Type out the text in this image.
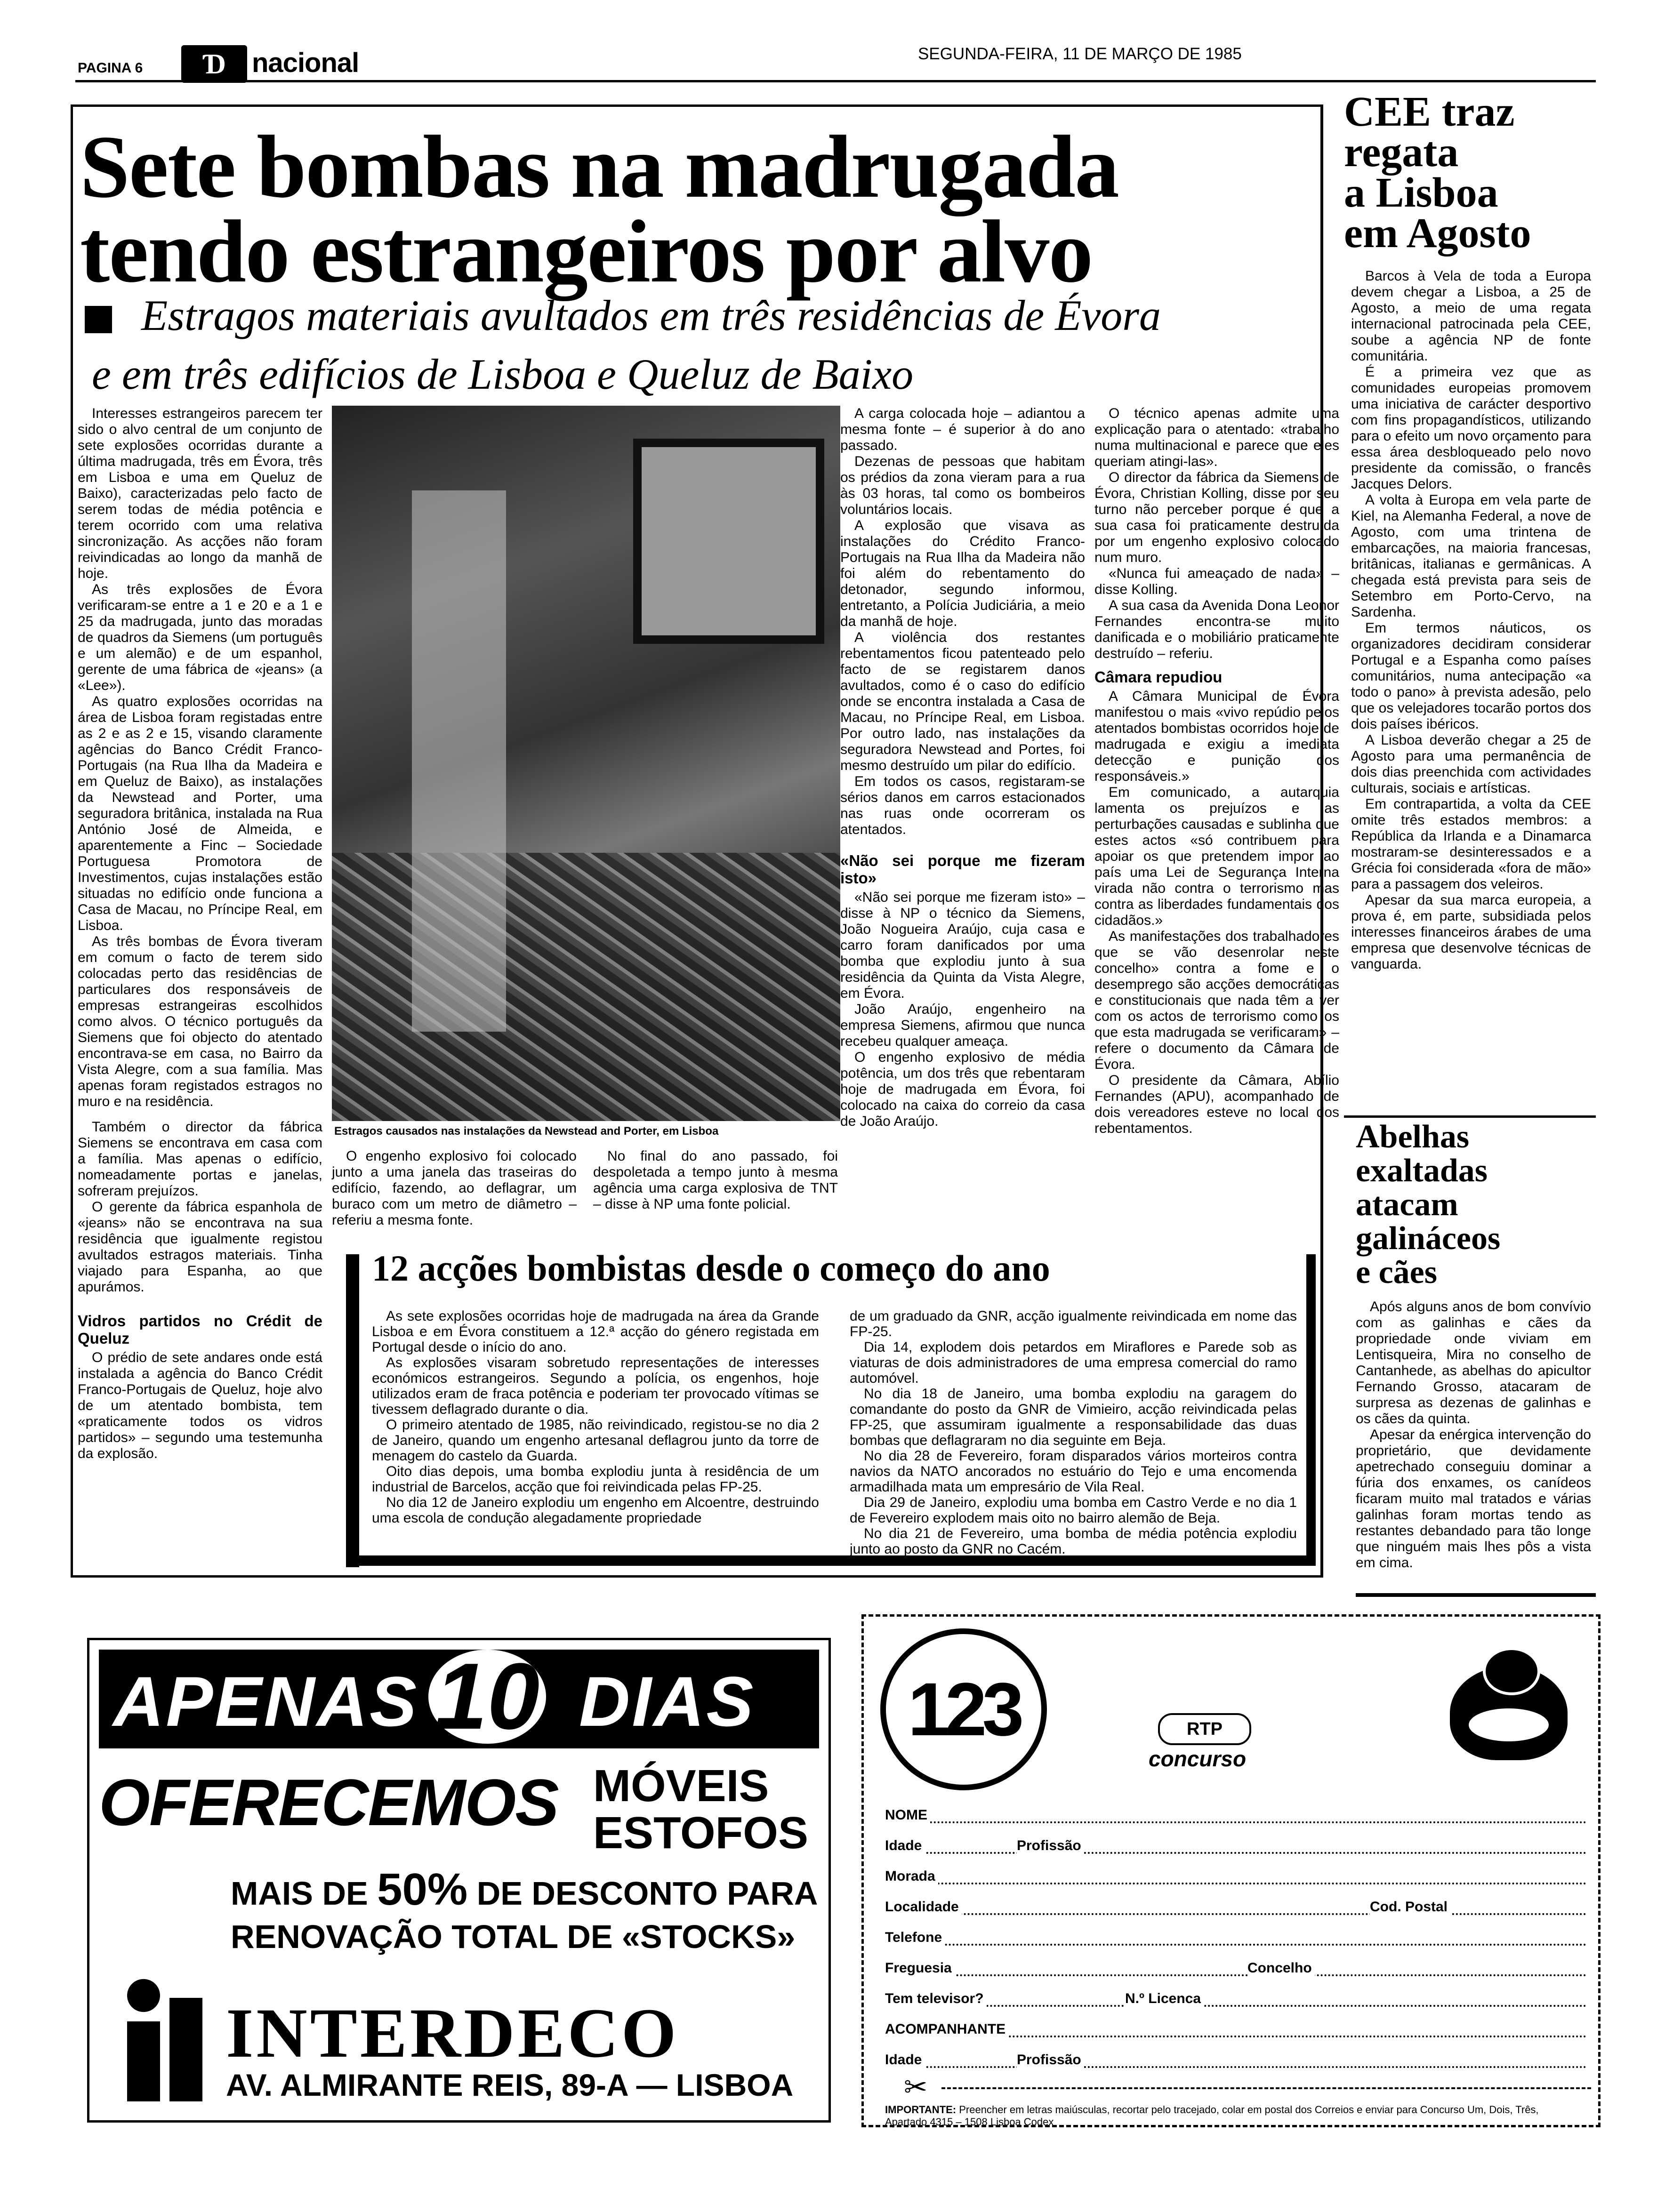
PAGINA 6	Ɗ nacional	SEGUNDA-FEIRA, 11 DE MARÇO DE 1985
Sete bombas na madrugada
tendo estrangeiros por alvo
Estragos materiais avultados em três residências de Évora
e em três edifícios de Lisboa e Queluz de Baixo

Interesses estrangeiros parecem ter sido o alvo central de um conjunto de sete explosões ocorridas durante a última madrugada, três em Évora, três em Lisboa e uma em Queluz de Baixo), caracterizadas pelo facto de serem todas de média potência e terem ocorrido com uma relativa sincronização. As acções não foram reivindicadas ao longo da manhã de hoje.

As três explosões de Évora verificaram-se entre a 1 e 20 e a 1 e 25 da madrugada, junto das moradas de quadros da Siemens (um português e um alemão) e de um espanhol, gerente de uma fábrica de «jeans» (a «Lee»).

As quatro explosões ocorridas na área de Lisboa foram registadas entre as 2 e as 2 e 15, visando claramente agências do Banco Crédit Franco-Portugais (na Rua Ilha da Madeira e em Queluz de Baixo), as instalações da Newstead and Porter, uma seguradora britânica, instalada na Rua António José de Almeida, e aparentemente a Finc – Sociedade Portuguesa Promotora de Investimentos, cujas instalações estão situadas no edifício onde funciona a Casa de Macau, no Príncipe Real, em Lisboa.

As três bombas de Évora tiveram em comum o facto de terem sido colocadas perto das residências de particulares dos responsáveis de empresas estrangeiras escolhidos como alvos. O técnico português da Siemens que foi objecto do atentado encontrava-se em casa, no Bairro da Vista Alegre, com a sua família. Mas apenas foram registados estragos no muro e na residência.

Também o director da fábrica Siemens se encontrava em casa com a família. Mas apenas o edifício, nomeadamente portas e janelas, sofreram prejuízos.

O gerente da fábrica espanhola de «jeans» não se encontrava na sua residência que igualmente registou avultados estragos materiais. Tinha viajado para Espanha, ao que apurámos.

Vidros partidos no Crédit de Queluz

O prédio de sete andares onde está instalada a agência do Banco Crédit Franco-Portugais de Queluz, hoje alvo de um atentado bombista, tem «praticamente todos os vidros partidos» – segundo uma testemunha da explosão.

Estragos causados nas instalações da Newstead and Porter, em Lisboa

O engenho explosivo foi colocado junto a uma janela das traseiras do edifício, fazendo, ao deflagrar, um buraco com um metro de diâmetro – referiu a mesma fonte.

No final do ano passado, foi despoletada a tempo junto à mesma agência uma carga explosiva de TNT – disse à NP uma fonte policial.

A carga colocada hoje – adiantou a mesma fonte – é superior à do ano passado.

Dezenas de pessoas que habitam os prédios da zona vieram para a rua às 03 horas, tal como os bombeiros voluntários locais.

A explosão que visava as instalações do Crédito Franco-Portugais na Rua Ilha da Madeira não foi além do rebentamento do detonador, segundo informou, entretanto, a Polícia Judiciária, a meio da manhã de hoje.

A violência dos restantes rebentamentos ficou patenteado pelo facto de se registarem danos avultados, como é o caso do edifício onde se encontra instalada a Casa de Macau, no Príncipe Real, em Lisboa. Por outro lado, nas instalações da seguradora Newstead and Portes, foi mesmo destruído um pilar do edifício.

Em todos os casos, registaram-se sérios danos em carros estacionados nas ruas onde ocorreram os atentados.

«Não sei porque me fizeram isto»

«Não sei porque me fizeram isto» – disse à NP o técnico da Siemens, João Nogueira Araújo, cuja casa e carro foram danificados por uma bomba que explodiu junto à sua residência da Quinta da Vista Alegre, em Évora.

João Araújo, engenheiro na empresa Siemens, afirmou que nunca recebeu qualquer ameaça.

O engenho explosivo de média potência, um dos três que rebentaram hoje de madrugada em Évora, foi colocado na caixa do correio da casa de João Araújo.

O técnico apenas admite uma explicação para o atentado: «trabalho numa multinacional e parece que eles queriam atingi-las».

O director da fábrica da Siemens de Évora, Christian Kolling, disse por seu turno não perceber porque é que a sua casa foi praticamente destruída por um engenho explosivo colocado num muro.

«Nunca fui ameaçado de nada» – disse Kolling.

A sua casa da Avenida Dona Leonor Fernandes encontra-se muito danificada e o mobiliário praticamente destruído – referiu.

Câmara repudiou

A Câmara Municipal de Évora manifestou o mais «vivo repúdio pelos atentados bombistas ocorridos hoje de madrugada e exigiu a imediata detecção e punição dos responsáveis.»

Em comunicado, a autarquia lamenta os prejuízos e as perturbações causadas e sublinha que estes actos «só contribuem para apoiar os que pretendem impor ao país uma Lei de Segurança Interna virada não contra o terrorismo mas contra as liberdades fundamentais dos cidadãos.»

As manifestações dos trabalhadores que se vão desenrolar neste concelho» contra a fome e o desemprego são acções democráticas e constitucionais que nada têm a ver com os actos de terrorismo como os que esta madrugada se verificaram» – refere o documento da Câmara de Évora.

O presidente da Câmara, Abílio Fernandes (APU), acompanhado de dois vereadores esteve no local dos rebentamentos.

12 acções bombistas desde o começo do ano

As sete explosões ocorridas hoje de madrugada na área da Grande Lisboa e em Évora constituem a 12.ª acção do género registada em Portugal desde o início do ano.

As explosões visaram sobretudo representações de interesses económicos estrangeiros. Segundo a polícia, os engenhos, hoje utilizados eram de fraca potência e poderiam ter provocado vítimas se tivessem deflagrado durante o dia.

O primeiro atentado de 1985, não reivindicado, registou-se no dia 2 de Janeiro, quando um engenho artesanal deflagrou junto da torre de menagem do castelo da Guarda.

Oito dias depois, uma bomba explodiu junta à residência de um industrial de Barcelos, acção que foi reivindicada pelas FP-25.

No dia 12 de Janeiro explodiu um engenho em Alcoentre, destruindo uma escola de condução alegadamente propriedade

de um graduado da GNR, acção igualmente reivindicada em nome das FP-25.

Dia 14, explodem dois petardos em Miraflores e Parede sob as viaturas de dois administradores de uma empresa comercial do ramo automóvel.

No dia 18 de Janeiro, uma bomba explodiu na garagem do comandante do posto da GNR de Vimieiro, acção reivindicada pelas FP-25, que assumiram igualmente a responsabilidade das duas bombas que deflagraram no dia seguinte em Beja.

No dia 28 de Fevereiro, foram disparados vários morteiros contra navios da NATO ancorados no estuário do Tejo e uma encomenda armadilhada mata um empresário de Vila Real.

Dia 29 de Janeiro, explodiu uma bomba em Castro Verde e no dia 1 de Fevereiro explodem mais oito no bairro alemão de Beja.

No dia 21 de Fevereiro, uma bomba de média potência explodiu junto ao posto da GNR no Cacém.

CEE traz
regata
a Lisboa
em Agosto

Barcos à Vela de toda a Europa devem chegar a Lisboa, a 25 de Agosto, a meio de uma regata internacional patrocinada pela CEE, soube a agência NP de fonte comunitária.

É a primeira vez que as comunidades europeias promovem uma iniciativa de carácter desportivo com fins propagandísticos, utilizando para o efeito um novo orçamento para essa área desbloqueado pelo novo presidente da comissão, o francês Jacques Delors.

A volta à Europa em vela parte de Kiel, na Alemanha Federal, a nove de Agosto, com uma trintena de embarcações, na maioria francesas, britânicas, italianas e germânicas. A chegada está prevista para seis de Setembro em Porto-Cervo, na Sardenha.

Em termos náuticos, os organizadores decidiram considerar Portugal e a Espanha como países comunitários, numa antecipação «a todo o pano» à prevista adesão, pelo que os velejadores tocarão portos dos dois países ibéricos.

A Lisboa deverão chegar a 25 de Agosto para uma permanência de dois dias preenchida com actividades culturais, sociais e artísticas.

Em contrapartida, a volta da CEE omite três estados membros: a República da Irlanda e a Dinamarca mostraram-se desinteressados e a Grécia foi considerada «fora de mão» para a passagem dos veleiros.

Apesar da sua marca europeia, a prova é, em parte, subsidiada pelos interesses financeiros árabes de uma empresa que desenvolve técnicas de vanguarda.

Abelhas
exaltadas
atacam
galináceos
e cães

Após alguns anos de bom convívio com as galinhas e cães da propriedade onde viviam em Lentisqueira, Mira no conselho de Cantanhede, as abelhas do apicultor Fernando Grosso, atacaram de surpresa as dezenas de galinhas e os cães da quinta.

Apesar da enérgica intervenção do proprietário, que devidamente apetrechado conseguiu dominar a fúria dos enxames, os canídeos ficaram muito mal tratados e várias galinhas foram mortas tendo as restantes debandado para tão longe que ninguém mais lhes pôs a vista em cima.

APENAS 10 DIAS
OFERECEMOS MÓVEIS
ESTOFOS
MAIS DE 50% DE DESCONTO PARA
RENOVAÇÃO TOTAL DE «STOCKS»
INTERDECO
AV. ALMIRANTE REIS, 89-A — LISBOA
123	RTP
concurso
NOME
Idade	Profissão
Morada
Localidade	Cod. Postal
Telefone
Freguesia	Concelho
Tem televisor?	N.º Licenca
ACOMPANHANTE
Idade	Profissão
✂
IMPORTANTE: Preencher em letras maiúsculas, recortar pelo tracejado, colar em postal dos Correios e enviar para Concurso Um, Dois, Três, Apartado 4315 – 1508 Lisboa Codex
